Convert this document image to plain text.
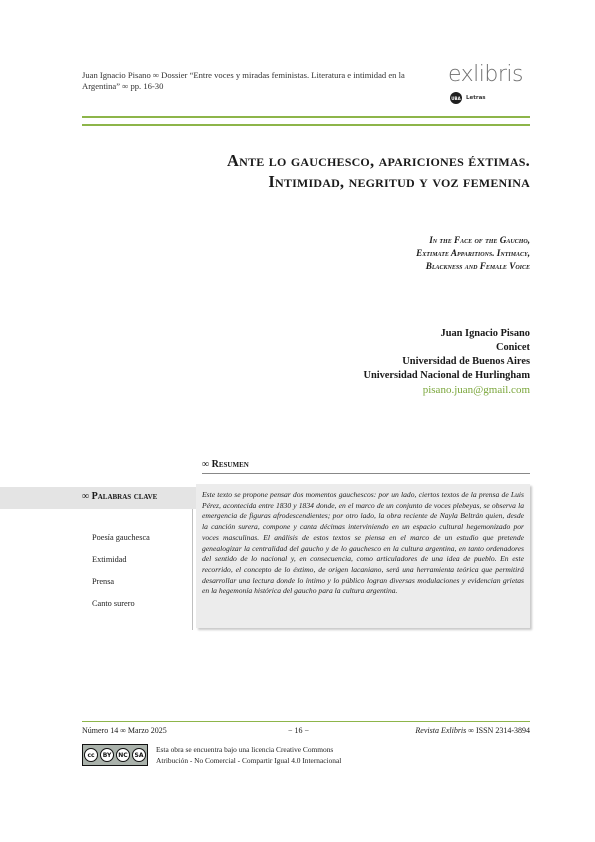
Juan Ignacio Pisano ∞ Dossier “Entre voces y miradas feministas. Literatura e intimidad en la Argentina” ∞ pp. 16-30	exlibris
UBA Letras
Ante lo gauchesco, apariciones éxtimas.
Intimidad, negritud y voz femenina
In the Face of the Gaucho,
Extimate Apparitions. Intimacy,
Blackness and Female Voice
Juan Ignacio Pisano
Conicet
Universidad de Buenos Aires
Universidad Nacional de Hurlingham
pisano.juan@gmail.com
∞ Resumen
Este texto se propone pensar dos momentos gauchescos: por un lado, ciertos textos de la prensa de Luis Pérez, acontecida entre 1830 y 1834 donde, en el marco de un conjunto de voces plebeyas, se observa la emergencia de figuras afrodescendientes; por otro lado, la obra reciente de Nayla Beltrán quien, desde la canción surera, compone y canta décimas interviniendo en un espacio cultural hegemonizado por voces masculinas. El análisis de estos textos se piensa en el marco de un estudio que pretende genealogizar la centralidad del gaucho y de lo gauchesco en la cultura argentina, en tanto ordenadores del sentido de lo nacional y, en consecuencia, como articuladores de una idea de pueblo. En este recorrido, el concepto de lo éxtimo, de origen lacaniano, será una herramienta teórica que permitirá desarrollar una lectura donde lo íntimo y lo público logran diversas modulaciones y evidencian grietas en la hegemonía histórica del gaucho para la cultura argentina.
∞ Palabras clave
Poesía gauchesca
Extimidad
Prensa
Canto surero
Número 14 ∞ Marzo 2025	− 16 −	Revista Exlibris ∞ ISSN 2314-3894
cc	BY	NC	SA
Esta obra se encuentra bajo una licencia Creative Commons
Atribución - No Comercial - Compartir Igual 4.0 Internacional
